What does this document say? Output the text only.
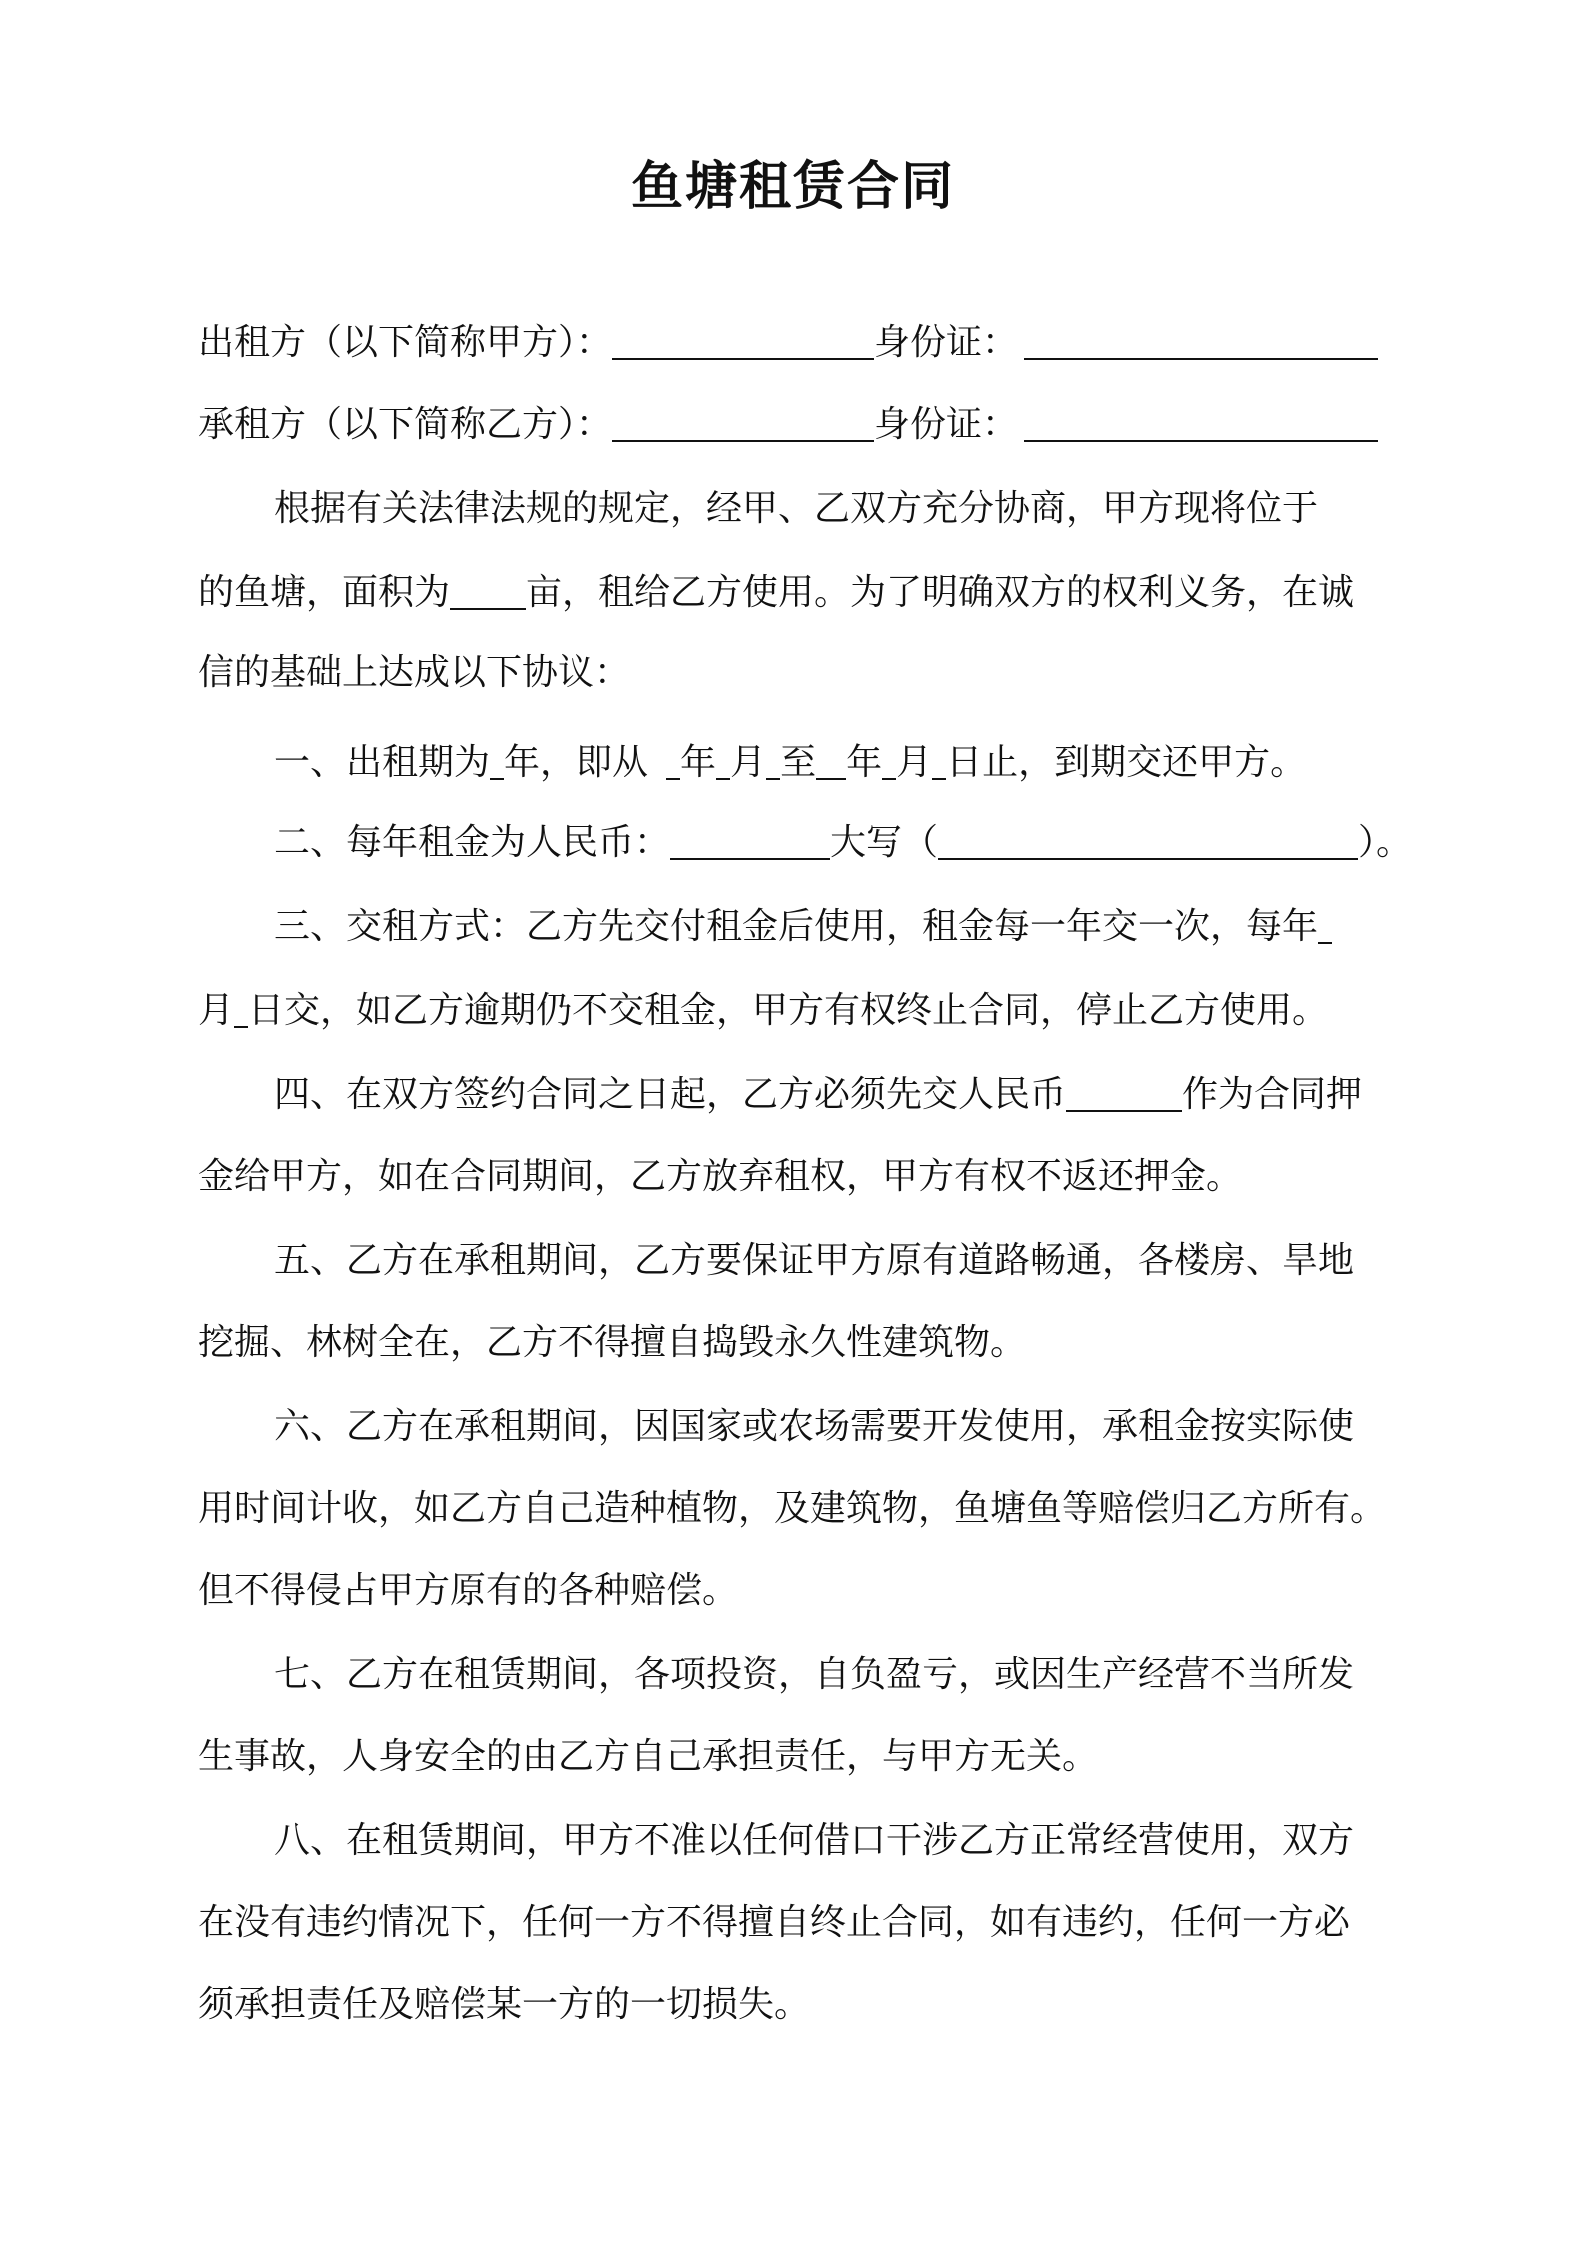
鱼塘租赁合同
出租方（以下简称甲方）：	身份证：
承租方（以下简称乙方）：	身份证：
根据有关法律法规的规定，经甲、乙双方充分协商，甲方现将位于
的鱼塘，面积为 亩，租给乙方使用。为了明确双方的权利义务，在诚
信的基础上达成以下协议：
一、出租期为 年，即从 年 月 至 年 月 日止，到期交还甲方。
二、每年租金为人民币：	大写（	）。
三、交租方式：乙方先交付租金后使用，租金每一年交一次，每年
月 日交，如乙方逾期仍不交租金，甲方有权终止合同，停止乙方使用。
四、在双方签约合同之日起，乙方必须先交人民币	作为合同押
金给甲方，如在合同期间，乙方放弃租权，甲方有权不返还押金。
五、乙方在承租期间，乙方要保证甲方原有道路畅通，各楼房、旱地
挖掘、林树全在，乙方不得擅自捣毁永久性建筑物。
六、乙方在承租期间，因国家或农场需要开发使用，承租金按实际使
用时间计收，如乙方自己造种植物，及建筑物，鱼塘鱼等赔偿归乙方所有。
但不得侵占甲方原有的各种赔偿。
七、乙方在租赁期间，各项投资，自负盈亏，或因生产经营不当所发
生事故，人身安全的由乙方自己承担责任，与甲方无关。
八、在租赁期间，甲方不准以任何借口干涉乙方正常经营使用，双方
在没有违约情况下，任何一方不得擅自终止合同，如有违约，任何一方必
须承担责任及赔偿某一方的一切损失。
